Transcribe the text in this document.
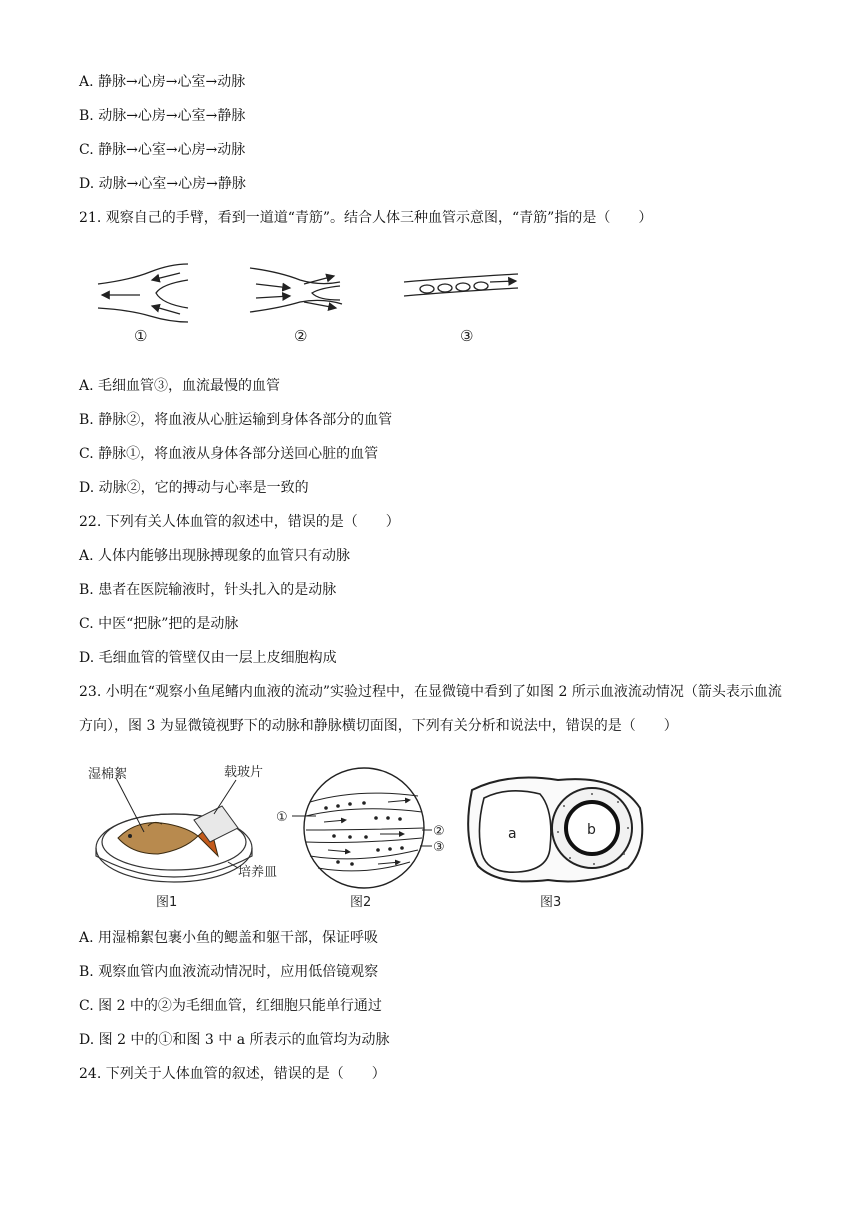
A. 静脉→心房→心室→动脉
B. 动脉→心房→心室→静脉
C. 静脉→心室→心房→动脉
D. 动脉→心室→心房→静脉
21. 观察自己的手臂，看到一道道“青筋”。结合人体三种血管示意图，“青筋”指的是（　　）
①	②	③
A. 毛细血管③，血流最慢的血管
B. 静脉②，将血液从心脏运输到身体各部分的血管
C. 静脉①，将血液从身体各部分送回心脏的血管
D. 动脉②，它的搏动与心率是一致的
22. 下列有关人体血管的叙述中，错误的是（　　）
A. 人体内能够出现脉搏现象的血管只有动脉
B. 患者在医院输液时，针头扎入的是动脉
C. 中医“把脉”把的是动脉
D. 毛细血管的管壁仅由一层上皮细胞构成
23. 小明在“观察小鱼尾鳍内血液的流动”实验过程中，在显微镜中看到了如图 2 所示血液流动情况（箭头表示血流方向），图 3 为显微镜视野下的动脉和静脉横切面图，下列有关分析和说法中，错误的是（　　）
湿棉絮	载玻片
培养皿
图1
①
②
③
图2
a	b
图3
A. 用湿棉絮包裹小鱼的鳃盖和躯干部，保证呼吸
B. 观察血管内血液流动情况时，应用低倍镜观察
C. 图 2 中的②为毛细血管，红细胞只能单行通过
D. 图 2 中的①和图 3 中 a 所表示的血管均为动脉
24. 下列关于人体血管的叙述，错误的是（　　）
